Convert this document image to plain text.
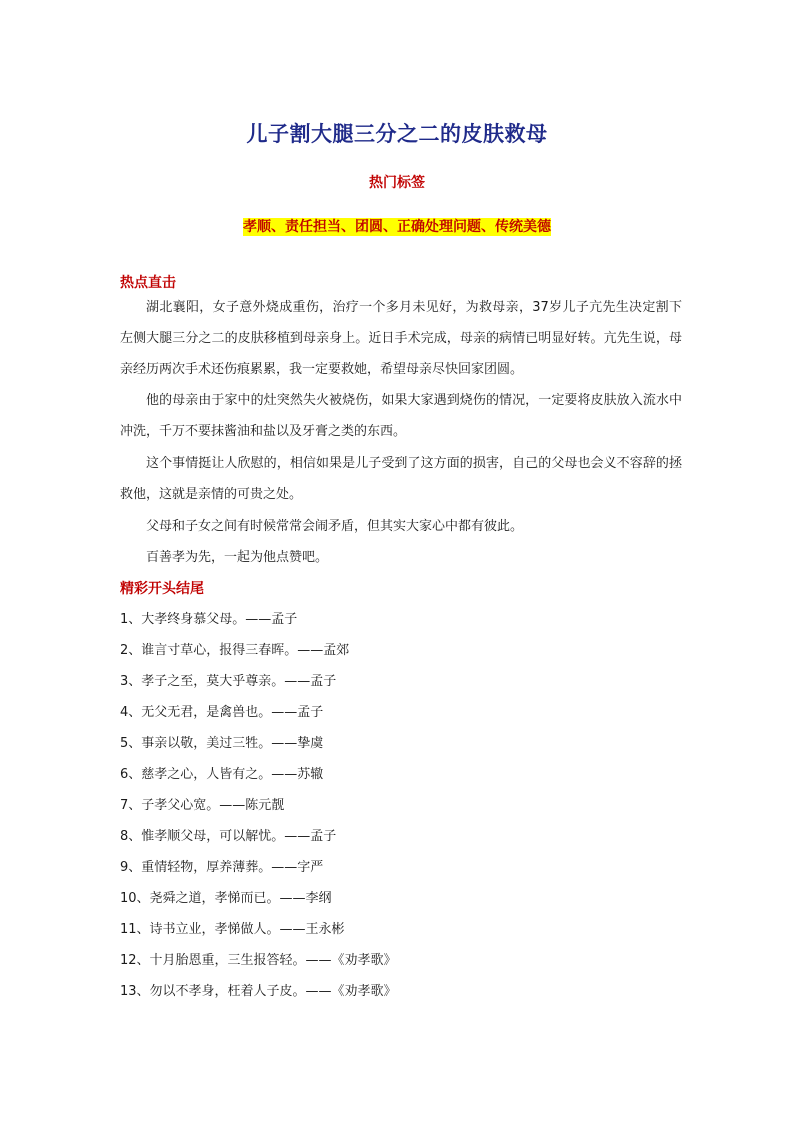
儿子割大腿三分之二的皮肤救母
热门标签
孝顺、责任担当、团圆、正确处理问题、传统美德
热点直击

湖北襄阳，女子意外烧成重伤，治疗一个多月未见好，为救母亲，37岁儿子亢先生决定割下左侧大腿三分之二的皮肤移植到母亲身上。近日手术完成，母亲的病情已明显好转。亢先生说，母亲经历两次手术还伤痕累累，我一定要救她，希望母亲尽快回家团圆。

他的母亲由于家中的灶突然失火被烧伤，如果大家遇到烧伤的情况，一定要将皮肤放入流水中冲洗，千万不要抹酱油和盐以及牙膏之类的东西。

这个事情挺让人欣慰的，相信如果是儿子受到了这方面的损害，自己的父母也会义不容辞的拯救他，这就是亲情的可贵之处。

父母和子女之间有时候常常会闹矛盾，但其实大家心中都有彼此。

百善孝为先，一起为他点赞吧。

精彩开头结尾
1、大孝终身慕父母。——孟子
2、谁言寸草心，报得三春晖。——孟郊
3、孝子之至，莫大乎尊亲。——孟子
4、无父无君，是禽兽也。——孟子
5、事亲以敬，美过三牲。——挚虞
6、慈孝之心，人皆有之。——苏辙
7、子孝父心宽。——陈元靓
8、惟孝顺父母，可以解忧。——孟子
9、重情轻物，厚养薄葬。——字严
10、尧舜之道，孝悌而已。——李纲
11、诗书立业，孝悌做人。——王永彬
12、十月胎恩重，三生报答轻。——《劝孝歌》
13、勿以不孝身，枉着人子皮。——《劝孝歌》
